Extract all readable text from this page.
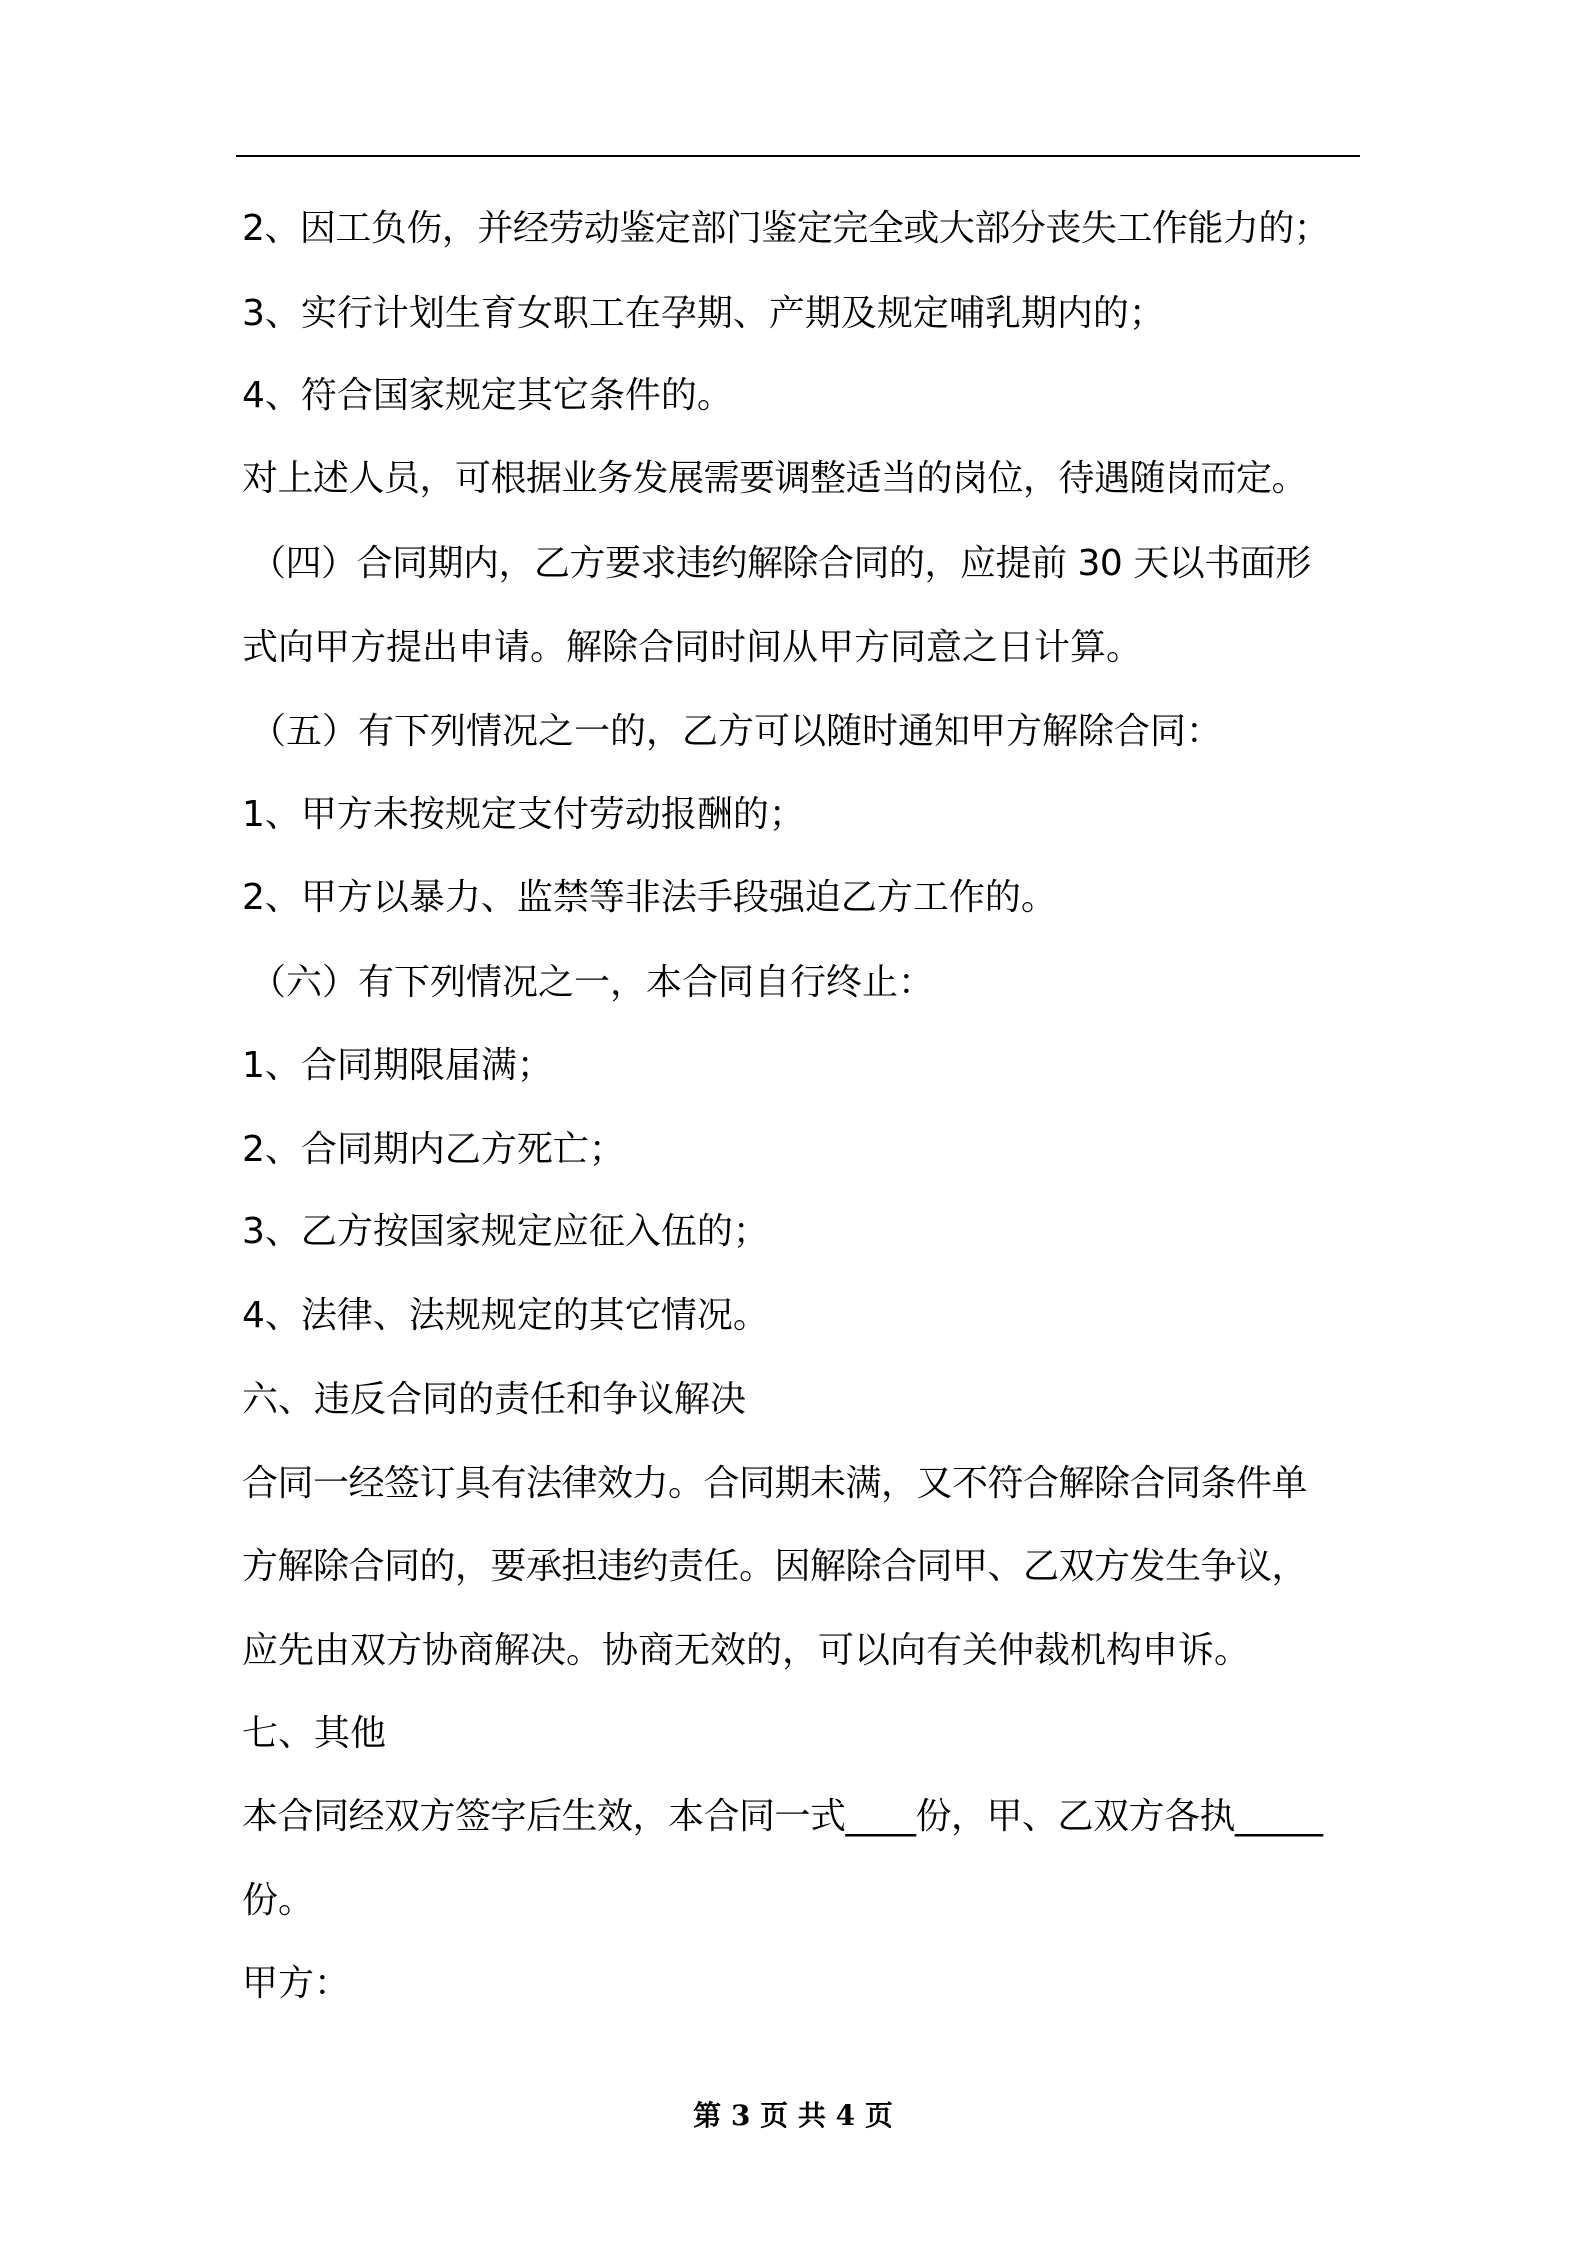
2、因工负伤，并经劳动鉴定部门鉴定完全或大部分丧失工作能力的；
3、实行计划生育女职工在孕期、产期及规定哺乳期内的；
4、符合国家规定其它条件的。
对上述人员，可根据业务发展需要调整适当的岗位，待遇随岗而定。
（四）合同期内，乙方要求违约解除合同的，应提前 30 天以书面形
式向甲方提出申请。解除合同时间从甲方同意之日计算。
（五）有下列情况之一的，乙方可以随时通知甲方解除合同：
1、甲方未按规定支付劳动报酬的；
2、甲方以暴力、监禁等非法手段强迫乙方工作的。
（六）有下列情况之一，本合同自行终止：
1、合同期限届满；
2、合同期内乙方死亡；
3、乙方按国家规定应征入伍的；
4、法律、法规规定的其它情况。
六、违反合同的责任和争议解决
合同一经签订具有法律效力。合同期未满，又不符合解除合同条件单
方解除合同的，要承担违约责任。因解除合同甲、乙双方发生争议，
应先由双方协商解决。协商无效的，可以向有关仲裁机构申诉。
七、其他
本合同经双方签字后生效，本合同一式____份，甲、乙双方各执_____
份。
甲方：
第 3 页 共 4 页
